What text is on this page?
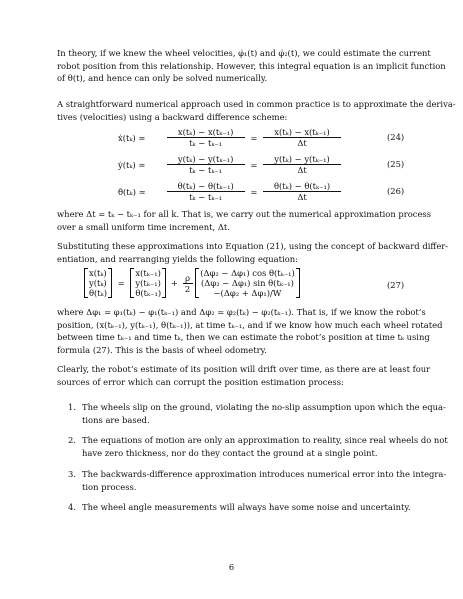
In theory, if we knew the wheel velocities, φ̇₁(t) and φ̇₂(t), we could estimate the current
robot position from this relationship. However, this integral equation is an implicit function
of θ(t), and hence can only be solved numerically.
A straightforward numerical approach used in common practice is to approximate the deriva-
tives (velocities) using a backward difference scheme:
ẋ(tₖ) ≃	$\frac{\text{x(tₖ) − x(tₖ₋₁)}}{\text{tₖ − tₖ₋₁}} = \frac{\text{x(tₖ) − x(tₖ₋₁)}}{\Delta t}$	(24)
ẏ(tₖ) ≃	$\frac{\text{y(tₖ) − y(tₖ₋₁)}}{\text{tₖ − tₖ₋₁}} = \frac{\text{y(tₖ) − y(tₖ₋₁)}}{\Delta t}$	(25)
θ̇(tₖ) ≃ $\frac{\text{θ(tₖ) − θ(tₖ₋₁)}}{\text{tₖ − tₖ₋₁}} = \frac{\text{θ(tₖ) − θ(tₖ₋₁)}}{\Delta t}$	(26)
where Δt = tₖ − tₖ₋₁ for all k. That is, we carry out the numerical approximation process
over a small uniform time increment, Δt.
Substituting these approximations into Equation (21), using the concept of backward differ-
entiation, and rearranging yields the following equation:
x(tₖ)
y(tₖ)
θ(tₖ)
=
x(tₖ₋₁)
y(tₖ₋₁)
θ(tₖ₋₁)
+ $\frac{\rho}{2}$
(Δφ₂ − Δφ₁) cos θ(tₖ₋₁)
(Δφ₂ − Δφ₁) sin θ(tₖ₋₁)
−(Δφ₂ + Δφ₁)/W
(27)
where Δφ₁ = φ₁(tₖ) − φ₁(tₖ₋₁) and Δφ₂ = φ₂(tₖ) − φ₂(tₖ₋₁). That is, if we know the robot’s
position, (x(tₖ₋₁), y(tₖ₋₁), θ(tₖ₋₁)), at time tₖ₋₁, and if we know how much each wheel rotated
between time tₖ₋₁ and time tₖ, then we can estimate the robot’s position at time tₖ using
formula (27). This is the basis of wheel odometry.
Clearly, the robot’s estimate of its position will drift over time, as there are at least four
sources of error which can corrupt the position estimation process:
1. The wheels slip on the ground, violating the no-slip assumption upon which the equa-
tions are based.
2. The equations of motion are only an approximation to reality, since real wheels do not
have zero thickness, nor do they contact the ground at a single point.
3. The backwards-difference approximation introduces numerical error into the integra-
tion process.
4. The wheel angle measurements will always have some noise and uncertainty.
6
